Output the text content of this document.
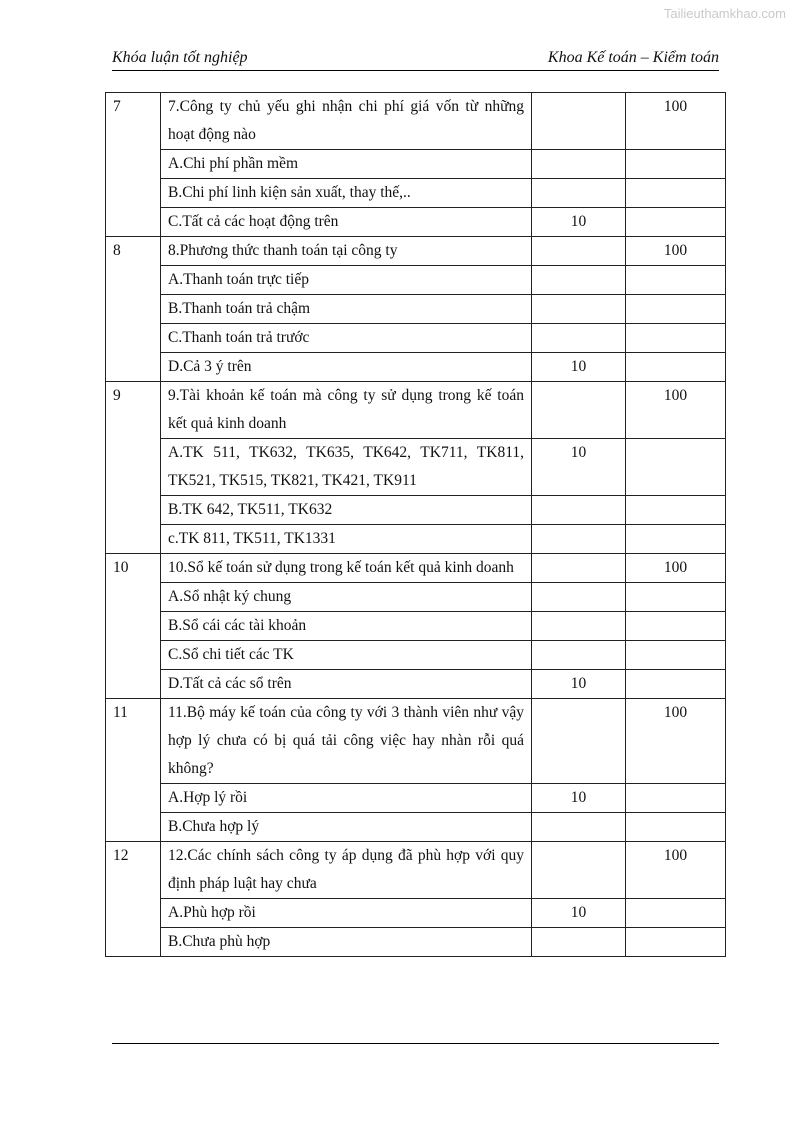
Tailieuthamkhao.com
Khóa luận tốt nghiệp	Khoa Kế toán – Kiểm toán
7	7.Công ty chủ yếu ghi nhận chi phí giá vốn từ những hoạt động nào		100
	A.Chi phí phần mềm		
	B.Chi phí linh kiện sản xuất, thay thế,..		
	C.Tất cả các hoạt động trên	10	
8	8.Phương thức thanh toán tại công ty		100
	A.Thanh toán trực tiếp		
	B.Thanh toán trả chậm		
	C.Thanh toán trả trước		
	D.Cả 3 ý trên	10	
9	9.Tài khoản kế toán mà công ty sử dụng trong kế toán kết quả kinh doanh		100
	A.TK 511, TK632, TK635, TK642, TK711, TK811, TK521, TK515, TK821, TK421, TK911	10	
	B.TK 642, TK511, TK632		
	c.TK 811, TK511, TK1331		
10	10.Sổ kế toán sử dụng trong kế toán kết quả kinh doanh		100
	A.Sổ nhật ký chung		
	B.Sổ cái các tài khoản		
	C.Sổ chi tiết các TK		
	D.Tất cả các sổ trên	10	
11	11.Bộ máy kế toán của công ty với 3 thành viên như vậy hợp lý chưa có bị quá tải công việc hay nhàn rỗi quá không?		100
	A.Hợp lý rồi	10	
	B.Chưa hợp lý		
12	12.Các chính sách công ty áp dụng đã phù hợp với quy định pháp luật hay chưa		100
	A.Phù hợp rồi	10	
	B.Chưa phù hợp		
